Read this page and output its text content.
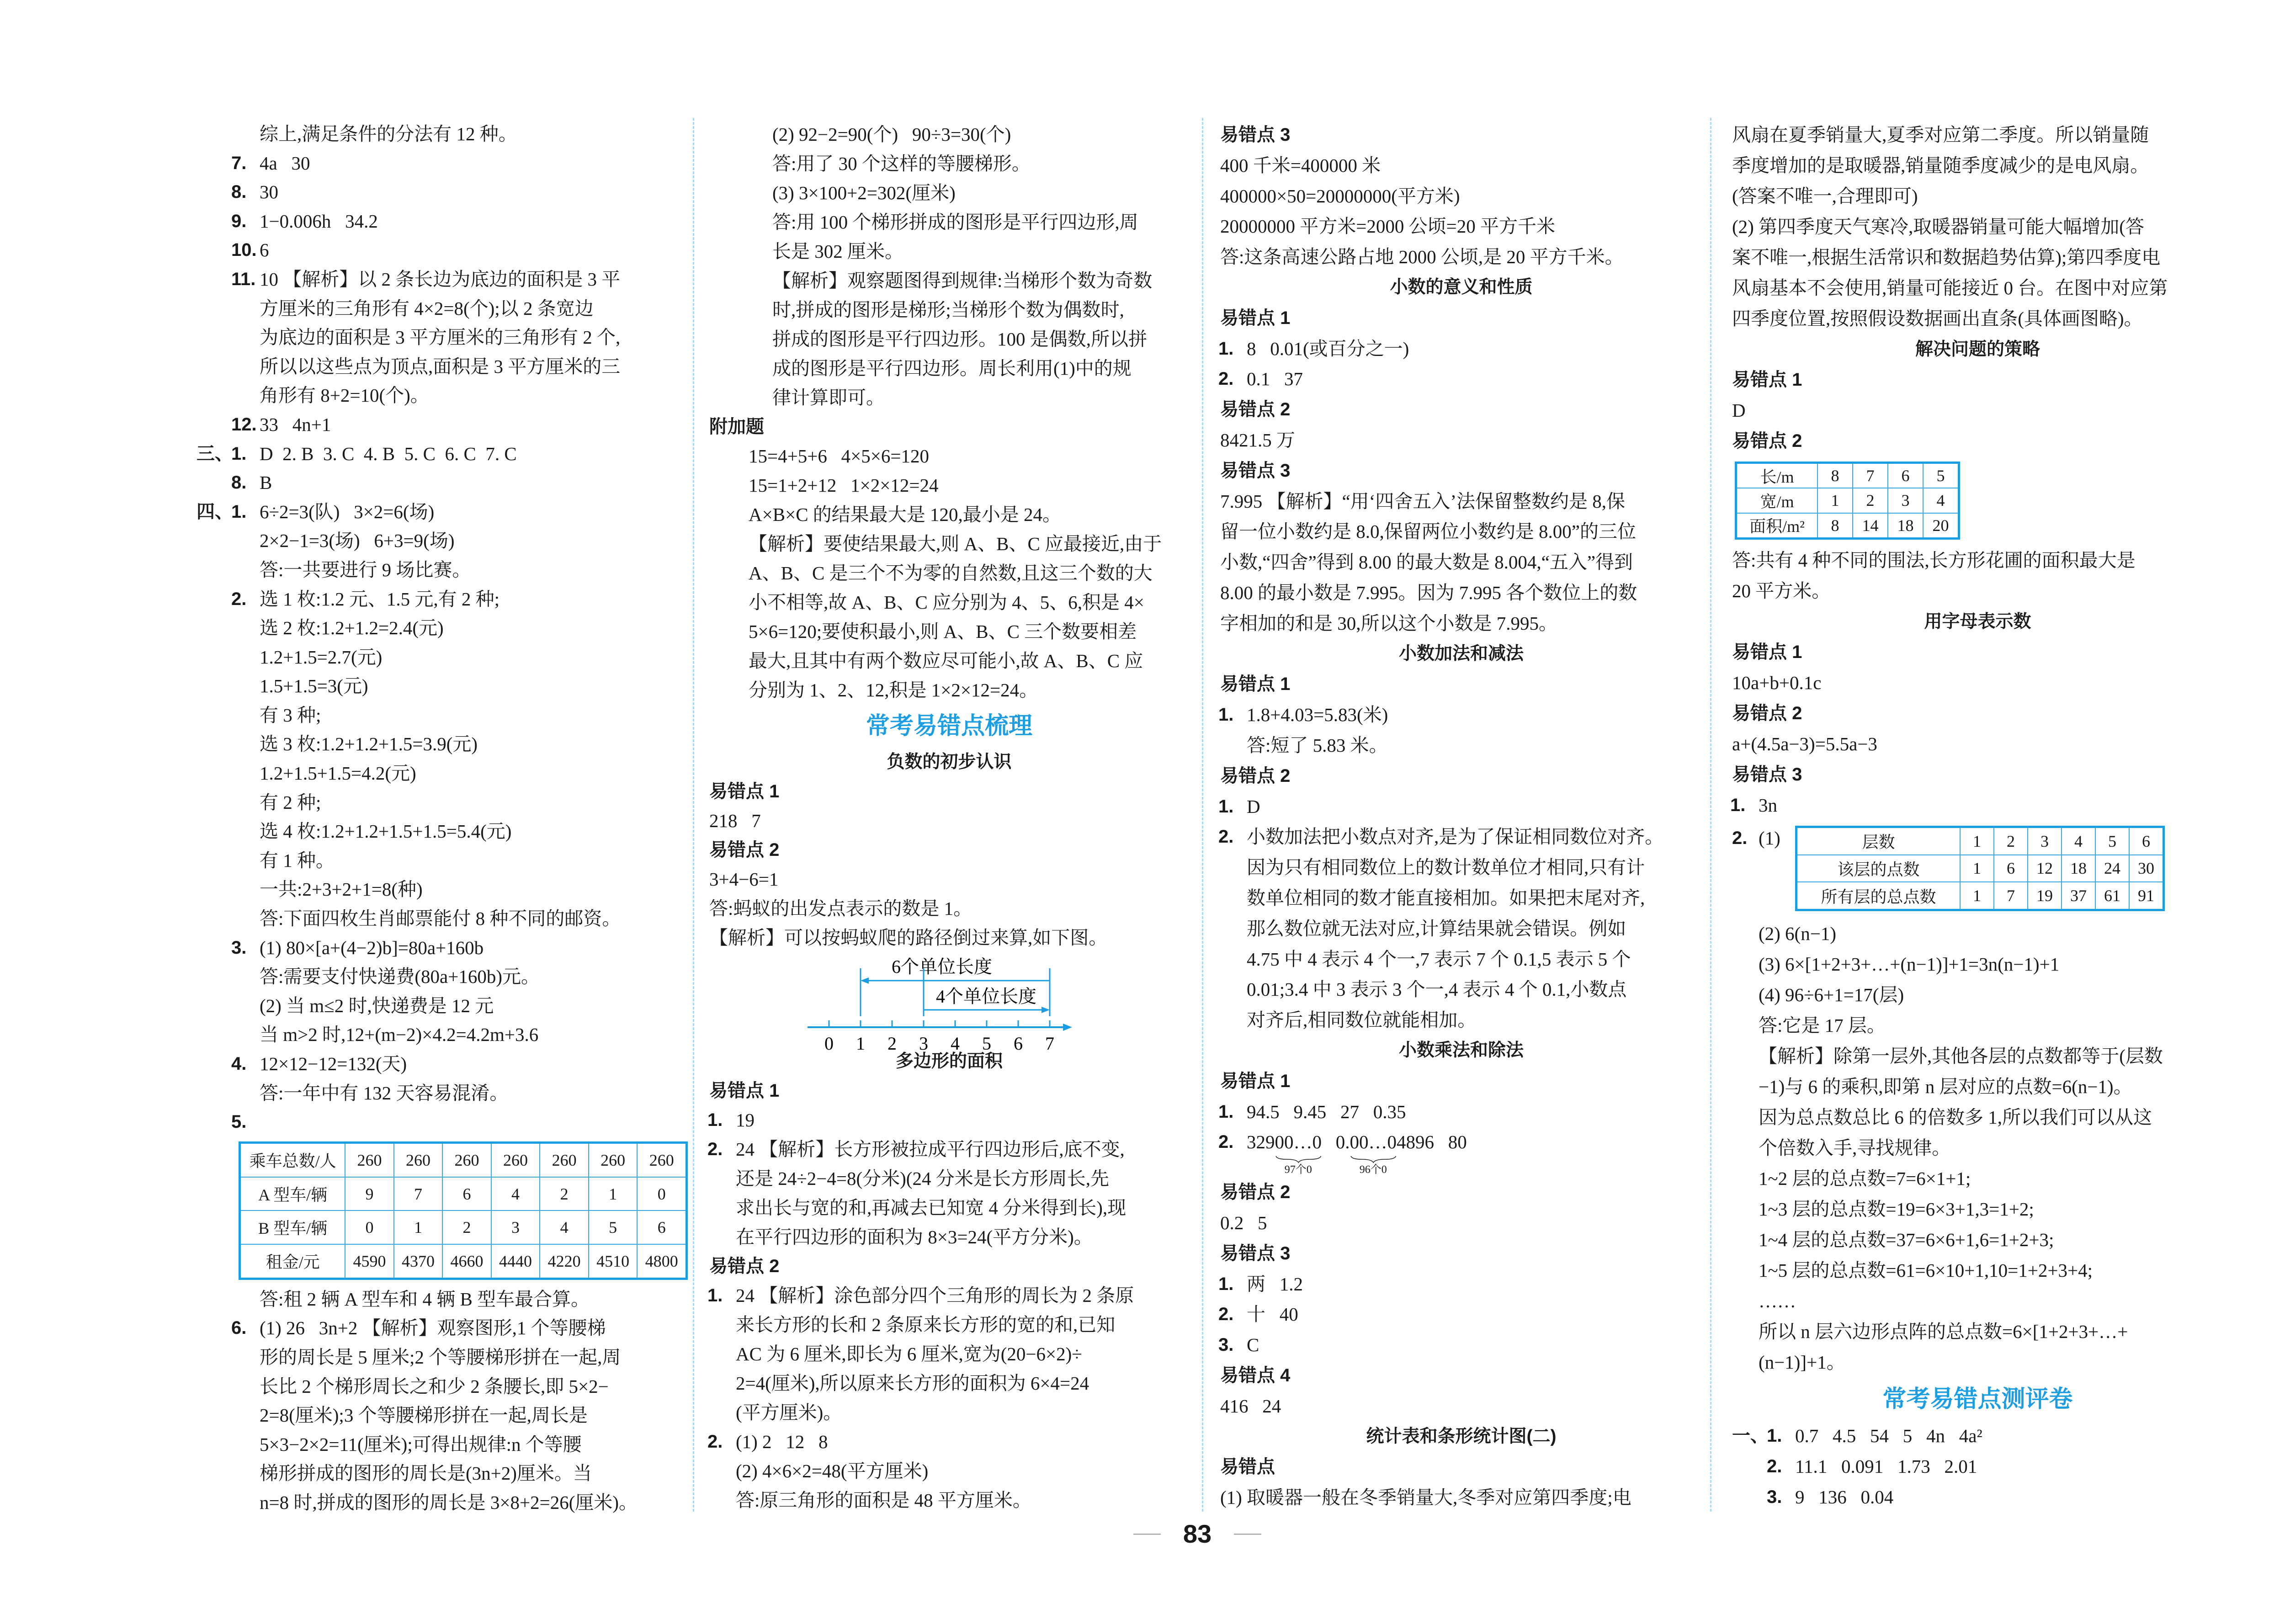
综上,满足条件的分法有 12 种。
7. 4a   30
8. 30
9. 1−0.006h   34.2
10. 6
11. 10 【解析】以 2 条长边为底边的面积是 3 平
方厘米的三角形有 4×2=8(个);以 2 条宽边
为底边的面积是 3 平方厘米的三角形有 2 个,
所以以这些点为顶点,面积是 3 平方厘米的三
角形有 8+2=10(个)。
12. 33   4n+1
三、
1. D  2. B  3. C  4. B  5. C  6. C  7. C
8. B
四、
1. 6÷2=3(队)   3×2=6(场)
2×2−1=3(场)   6+3=9(场)
答:一共要进行 9 场比赛。
2. 选 1 枚:1.2 元、1.5 元,有 2 种;
选 2 枚:1.2+1.2=2.4(元)
1.2+1.5=2.7(元)
1.5+1.5=3(元)
有 3 种;
选 3 枚:1.2+1.2+1.5=3.9(元)
1.2+1.5+1.5=4.2(元)
有 2 种;
选 4 枚:1.2+1.2+1.5+1.5=5.4(元)
有 1 种。
一共:2+3+2+1=8(种)
答:下面四枚生肖邮票能付 8 种不同的邮资。
3. (1) 80×[a+(4−2)b]=80a+160b
答:需要支付快递费(80a+160b)元。
(2) 当 m≤2 时,快递费是 12 元
当 m>2 时,12+(m−2)×4.2=4.2m+3.6
4. 12×12−12=132(天)
答:一年中有 132 天容易混淆。
5.
乘车总数/人	260	260	260	260	260	260	260
A 型车/辆	9	7	6	4	2	1	0
B 型车/辆	0	1	2	3	4	5	6
租金/元	4590	4370	4660	4440	4220	4510	4800
答:租 2 辆 A 型车和 4 辆 B 型车最合算。
6. (1) 26   3n+2 【解析】观察图形,1 个等腰梯
形的周长是 5 厘米;2 个等腰梯形拼在一起,周
长比 2 个梯形周长之和少 2 条腰长,即 5×2−
2=8(厘米);3 个等腰梯形拼在一起,周长是
5×3−2×2=11(厘米);可得出规律:n 个等腰
梯形拼成的图形的周长是(3n+2)厘米。当
n=8 时,拼成的图形的周长是 3×8+2=26(厘米)。
(2) 92−2=90(个)   90÷3=30(个)
答:用了 30 个这样的等腰梯形。
(3) 3×100+2=302(厘米)
答:用 100 个梯形拼成的图形是平行四边形,周
长是 302 厘米。
【解析】观察题图得到规律:当梯形个数为奇数
时,拼成的图形是梯形;当梯形个数为偶数时,
拼成的图形是平行四边形。100 是偶数,所以拼
成的图形是平行四边形。周长利用(1)中的规
律计算即可。
附加题
15=4+5+6   4×5×6=120
15=1+2+12   1×2×12=24
A×B×C 的结果最大是 120,最小是 24。
【解析】要使结果最大,则 A、B、C 应最接近,由于
A、B、C 是三个不为零的自然数,且这三个数的大
小不相等,故 A、B、C 应分别为 4、5、6,积是 4×
5×6=120;要使积最小,则 A、B、C 三个数要相差
最大,且其中有两个数应尽可能小,故 A、B、C 应
分别为 1、2、12,积是 1×2×12=24。
常考易错点梳理
负数的初步认识
易错点 1
218   7
易错点 2
3+4−6=1
答:蚂蚁的出发点表示的数是 1。
【解析】可以按蚂蚁爬的路径倒过来算,如下图。
0 1 2 3 4 5 6 7
6个单位长度
4个单位长度
多边形的面积
易错点 1
1. 19
2. 24 【解析】长方形被拉成平行四边形后,底不变,
还是 24÷2−4=8(分米)(24 分米是长方形周长,先
求出长与宽的和,再减去已知宽 4 分米得到长),现
在平行四边形的面积为 8×3=24(平方分米)。
易错点 2
1. 24 【解析】涂色部分四个三角形的周长为 2 条原
来长方形的长和 2 条原来长方形的宽的和,已知
AC 为 6 厘米,即长为 6 厘米,宽为(20−6×2)÷
2=4(厘米),所以原来长方形的面积为 6×4=24
(平方厘米)。
2. (1) 2   12   8
(2) 4×6×2=48(平方厘米)
答:原三角形的面积是 48 平方厘米。
易错点 3
400 千米=400000 米
400000×50=20000000(平方米)
20000000 平方米=2000 公顷=20 平方千米
答:这条高速公路占地 2000 公顷,是 20 平方千米。
小数的意义和性质
易错点 1
1. 8   0.01(或百分之一)
2. 0.1   37
易错点 2
8421.5 万
易错点 3
7.995 【解析】“用‘四舍五入’法保留整数约是 8,保
留一位小数约是 8.0,保留两位小数约是 8.00”的三位
小数,“四舍”得到 8.00 的最大数是 8.004,“五入”得到
8.00 的最小数是 7.995。因为 7.995 各个数位上的数
字相加的和是 30,所以这个小数是 7.995。
小数加法和减法
易错点 1
1. 1.8+4.03=5.83(米)
答:短了 5.83 米。
易错点 2
1. D
2. 小数加法把小数点对齐,是为了保证相同数位对齐。
因为只有相同数位上的数计数单位才相同,只有计
数单位相同的数才能直接相加。如果把末尾对齐,
那么数位就无法对应,计算结果就会错误。例如
4.75 中 4 表示 4 个一,7 表示 7 个 0.1,5 表示 5 个
0.01;3.4 中 3 表示 3 个一,4 表示 4 个 0.1,小数点
对齐后,相同数位就能相加。
小数乘法和除法
易错点 1
1. 94.5   9.45   27   0.35
2. 32900…0
97个0
0.00…0
96个0
4896   80
易错点 2
0.2   5
易错点 3
1. 两   1.2
2. 十   40
3. C
易错点 4
416   24
统计表和条形统计图(二)
易错点
(1) 取暖器一般在冬季销量大,冬季对应第四季度;电
风扇在夏季销量大,夏季对应第二季度。所以销量随
季度增加的是取暖器,销量随季度减少的是电风扇。
(答案不唯一,合理即可)
(2) 第四季度天气寒冷,取暖器销量可能大幅增加(答
案不唯一,根据生活常识和数据趋势估算);第四季度电
风扇基本不会使用,销量可能接近 0 台。在图中对应第
四季度位置,按照假设数据画出直条(具体画图略)。
解决问题的策略
易错点 1
D
易错点 2
长/m	8	7	6	5
宽/m	1	2	3	4
面积/m²	8	14	18	20
答:共有 4 种不同的围法,长方形花圃的面积最大是
20 平方米。
用字母表示数
易错点 1
10a+b+0.1c
易错点 2
a+(4.5a−3)=5.5a−3
易错点 3
1. 3n
2. (1)	层数	1	2	3	4	5	6
该层的点数	1	6	12	18	24	30
所有层的总点数	1	7	19	37	61	91
(2) 6(n−1)
(3) 6×[1+2+3+…+(n−1)]+1=3n(n−1)+1
(4) 96÷6+1=17(层)
答:它是 17 层。
【解析】除第一层外,其他各层的点数都等于(层数
−1)与 6 的乘积,即第 n 层对应的点数=6(n−1)。
因为总点数总比 6 的倍数多 1,所以我们可以从这
个倍数入手,寻找规律。
1~2 层的总点数=7=6×1+1;
1~3 层的总点数=19=6×3+1,3=1+2;
1~4 层的总点数=37=6×6+1,6=1+2+3;
1~5 层的总点数=61=6×10+1,10=1+2+3+4;
……
所以 n 层六边形点阵的总点数=6×[1+2+3+…+
(n−1)]+1。
常考易错点测评卷
一、
1. 0.7   4.5   54   5   4n   4a²
2. 11.1   0.091   1.73   2.01
3. 9   136   0.04
83
